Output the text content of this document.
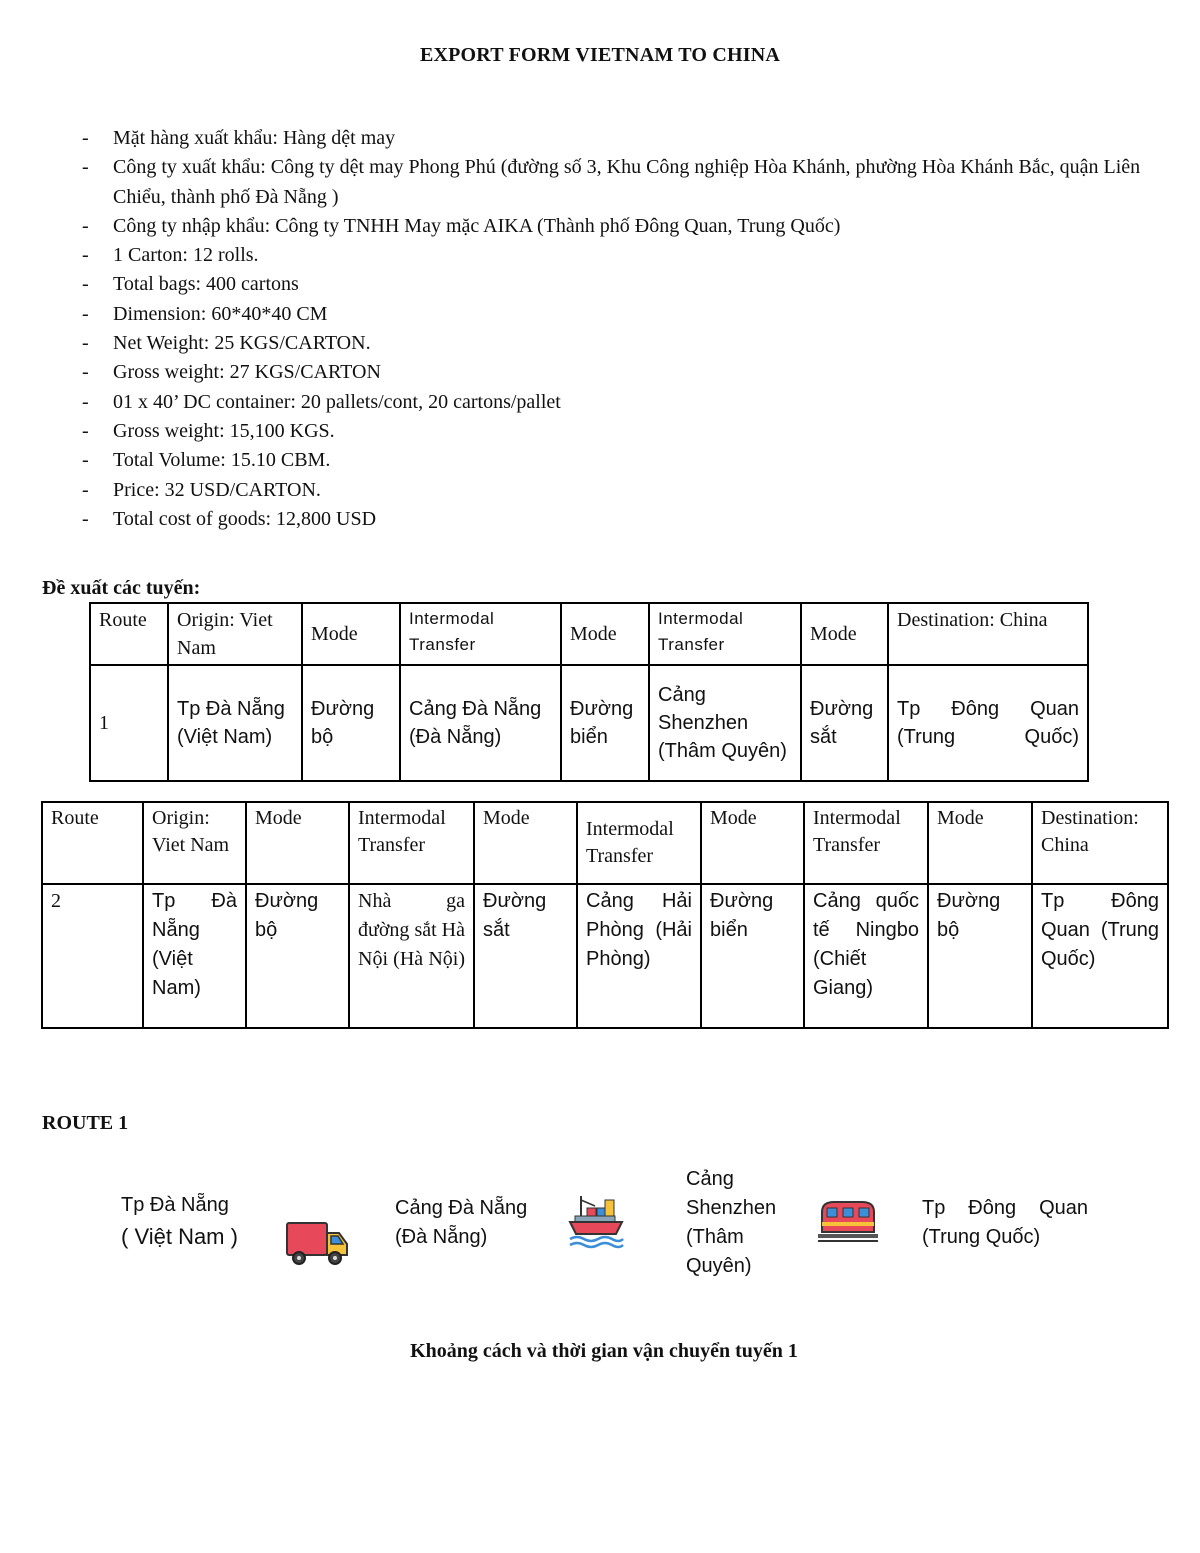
EXPORT FORM VIETNAM TO CHINA
- Mặt hàng xuất khẩu: Hàng dệt may
- Công ty xuất khẩu: Công ty dệt may Phong Phú (đường số 3, Khu Công nghiệp Hòa Khánh, phường Hòa Khánh Bắc, quận Liên Chiểu, thành phố Đà Nẵng )
- Công ty nhập khẩu: Công ty TNHH May mặc AIKA (Thành phố Đông Quan, Trung Quốc)
- 1 Carton: 12 rolls.
- Total bags: 400 cartons
- Dimension: 60*40*40 CM
- Net Weight: 25 KGS/CARTON.
- Gross weight: 27 KGS/CARTON
- 01 x 40’ DC container: 20 pallets/cont, 20 cartons/pallet
- Gross weight: 15,100 KGS.
- Total Volume: 15.10 CBM.
- Price: 32 USD/CARTON.
- Total cost of goods: 12,800 USD
Đề xuất các tuyến:
Route	Origin: Viet Nam	Mode	Intermodal Transfer	Mode	Intermodal Transfer	Mode	Destination: China
1	Tp Đà Nẵng (Việt Nam)	Đường bộ	Cảng Đà Nẵng (Đà Nẵng)	Đường biển	Cảng Shenzhen (Thâm Quyên)	Đường sắt	Tp Đông Quan (Trung Quốc)
Route	Origin: Viet Nam	Mode	Intermodal Transfer	Mode	Intermodal Transfer	Mode	Intermodal Transfer	Mode	Destination: China
2	Tp Đà Nẵng (Việt Nam)	Đường bộ	Nhà ga đường sắt Hà Nội (Hà Nội)	Đường sắt	Cảng Hải Phòng (Hải Phòng)	Đường biển	Cảng quốc tế Ningbo (Chiết Giang)	Đường bộ	Tp Đông Quan (Trung Quốc)
ROUTE 1
Tp Đà Nẵng
( Việt Nam )
Cảng Đà Nẵng
(Đà Nẵng)
Cảng Shenzhen
(Thâm Quyên)
Tp Đông Quan
(Trung Quốc)
Khoảng cách và thời gian vận chuyển tuyến 1
